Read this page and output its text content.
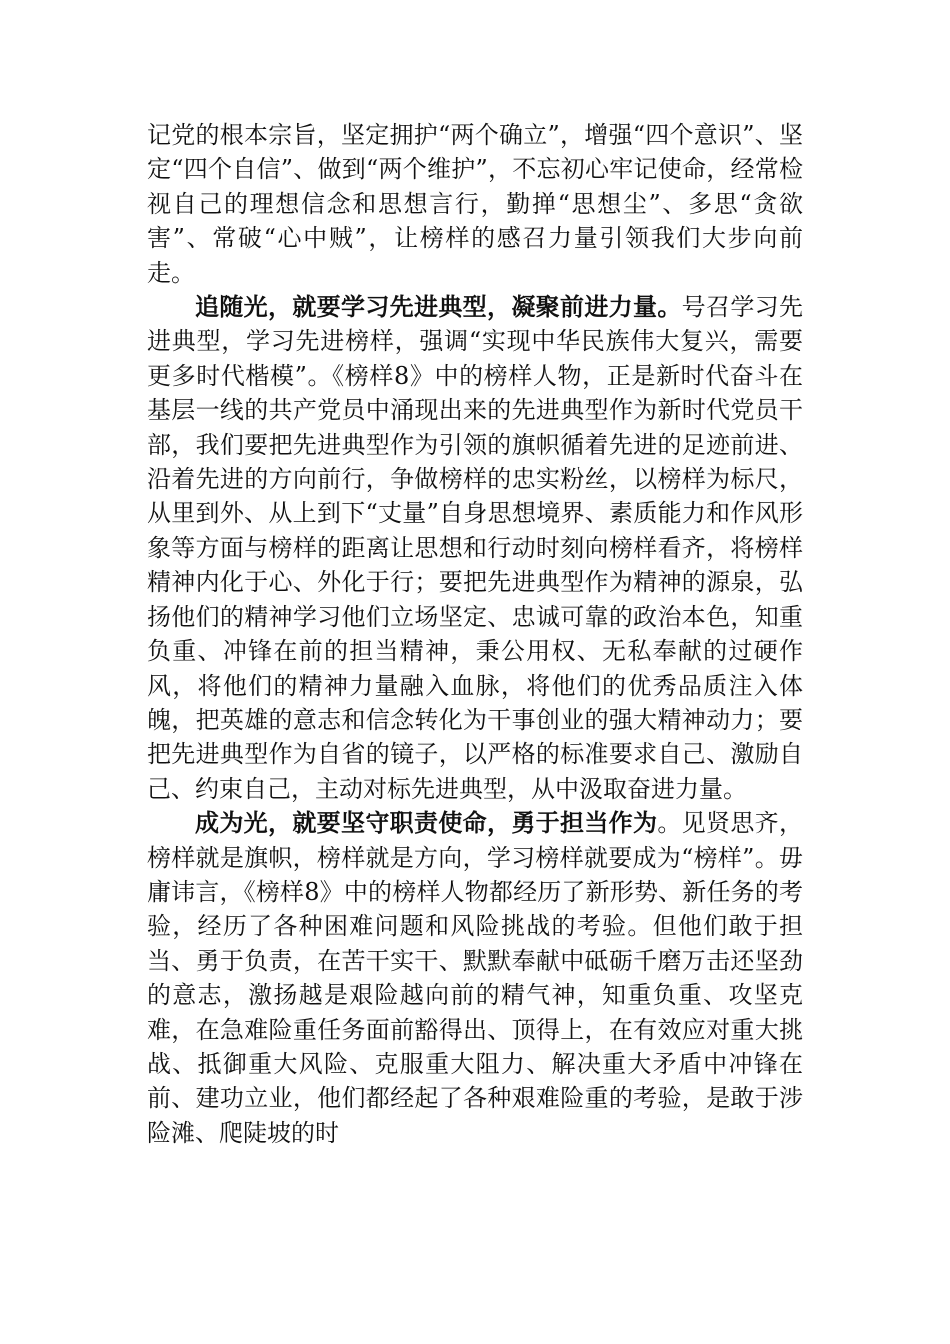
记党的根本宗旨，坚定拥护“两个确立”，增强“四个意识”、坚定“四个自信”、做到“两个维护”，不忘初心牢记使命，经常检视自己的理想信念和思想言行，勤掸“思想尘”、多思“贪欲害”、常破“心中贼”，让榜样的感召力量引领我们大步向前走。

追随光，就要学习先进典型，凝聚前进力量。号召学习先进典型，学习先进榜样，强调“实现中华民族伟大复兴，需要更多时代楷模”。《榜样8》中的榜样人物，正是新时代奋斗在基层一线的共产党员中涌现出来的先进典型作为新时代党员干部，我们要把先进典型作为引领的旗帜循着先进的足迹前进、沿着先进的方向前行，争做榜样的忠实粉丝，以榜样为标尺，从里到外、从上到下“丈量”自身思想境界、素质能力和作风形象等方面与榜样的距离让思想和行动时刻向榜样看齐，将榜样精神内化于心、外化于行；要把先进典型作为精神的源泉，弘扬他们的精神学习他们立场坚定、忠诚可靠的政治本色，知重负重、冲锋在前的担当精神，秉公用权、无私奉献的过硬作风，将他们的精神力量融入血脉，将他们的优秀品质注入体魄，把英雄的意志和信念转化为干事创业的强大精神动力；要把先进典型作为自省的镜子，以严格的标准要求自己、激励自己、约束自己，主动对标先进典型，从中汲取奋进力量。

成为光，就要坚守职责使命，勇于担当作为。见贤思齐，榜样就是旗帜，榜样就是方向，学习榜样就要成为“榜样”。毋庸讳言，《榜样8》中的榜样人物都经历了新形势、新任务的考验，经历了各种困难问题和风险挑战的考验。但他们敢于担当、勇于负责，在苦干实干、默默奉献中砥砺千磨万击还坚劲的意志，激扬越是艰险越向前的精气神，知重负重、攻坚克难，在急难险重任务面前豁得出、顶得上，在有效应对重大挑战、抵御重大风险、克服重大阻力、解决重大矛盾中冲锋在前、建功立业，他们都经起了各种艰难险重的考验，是敢于涉险滩、爬陡坡的时
